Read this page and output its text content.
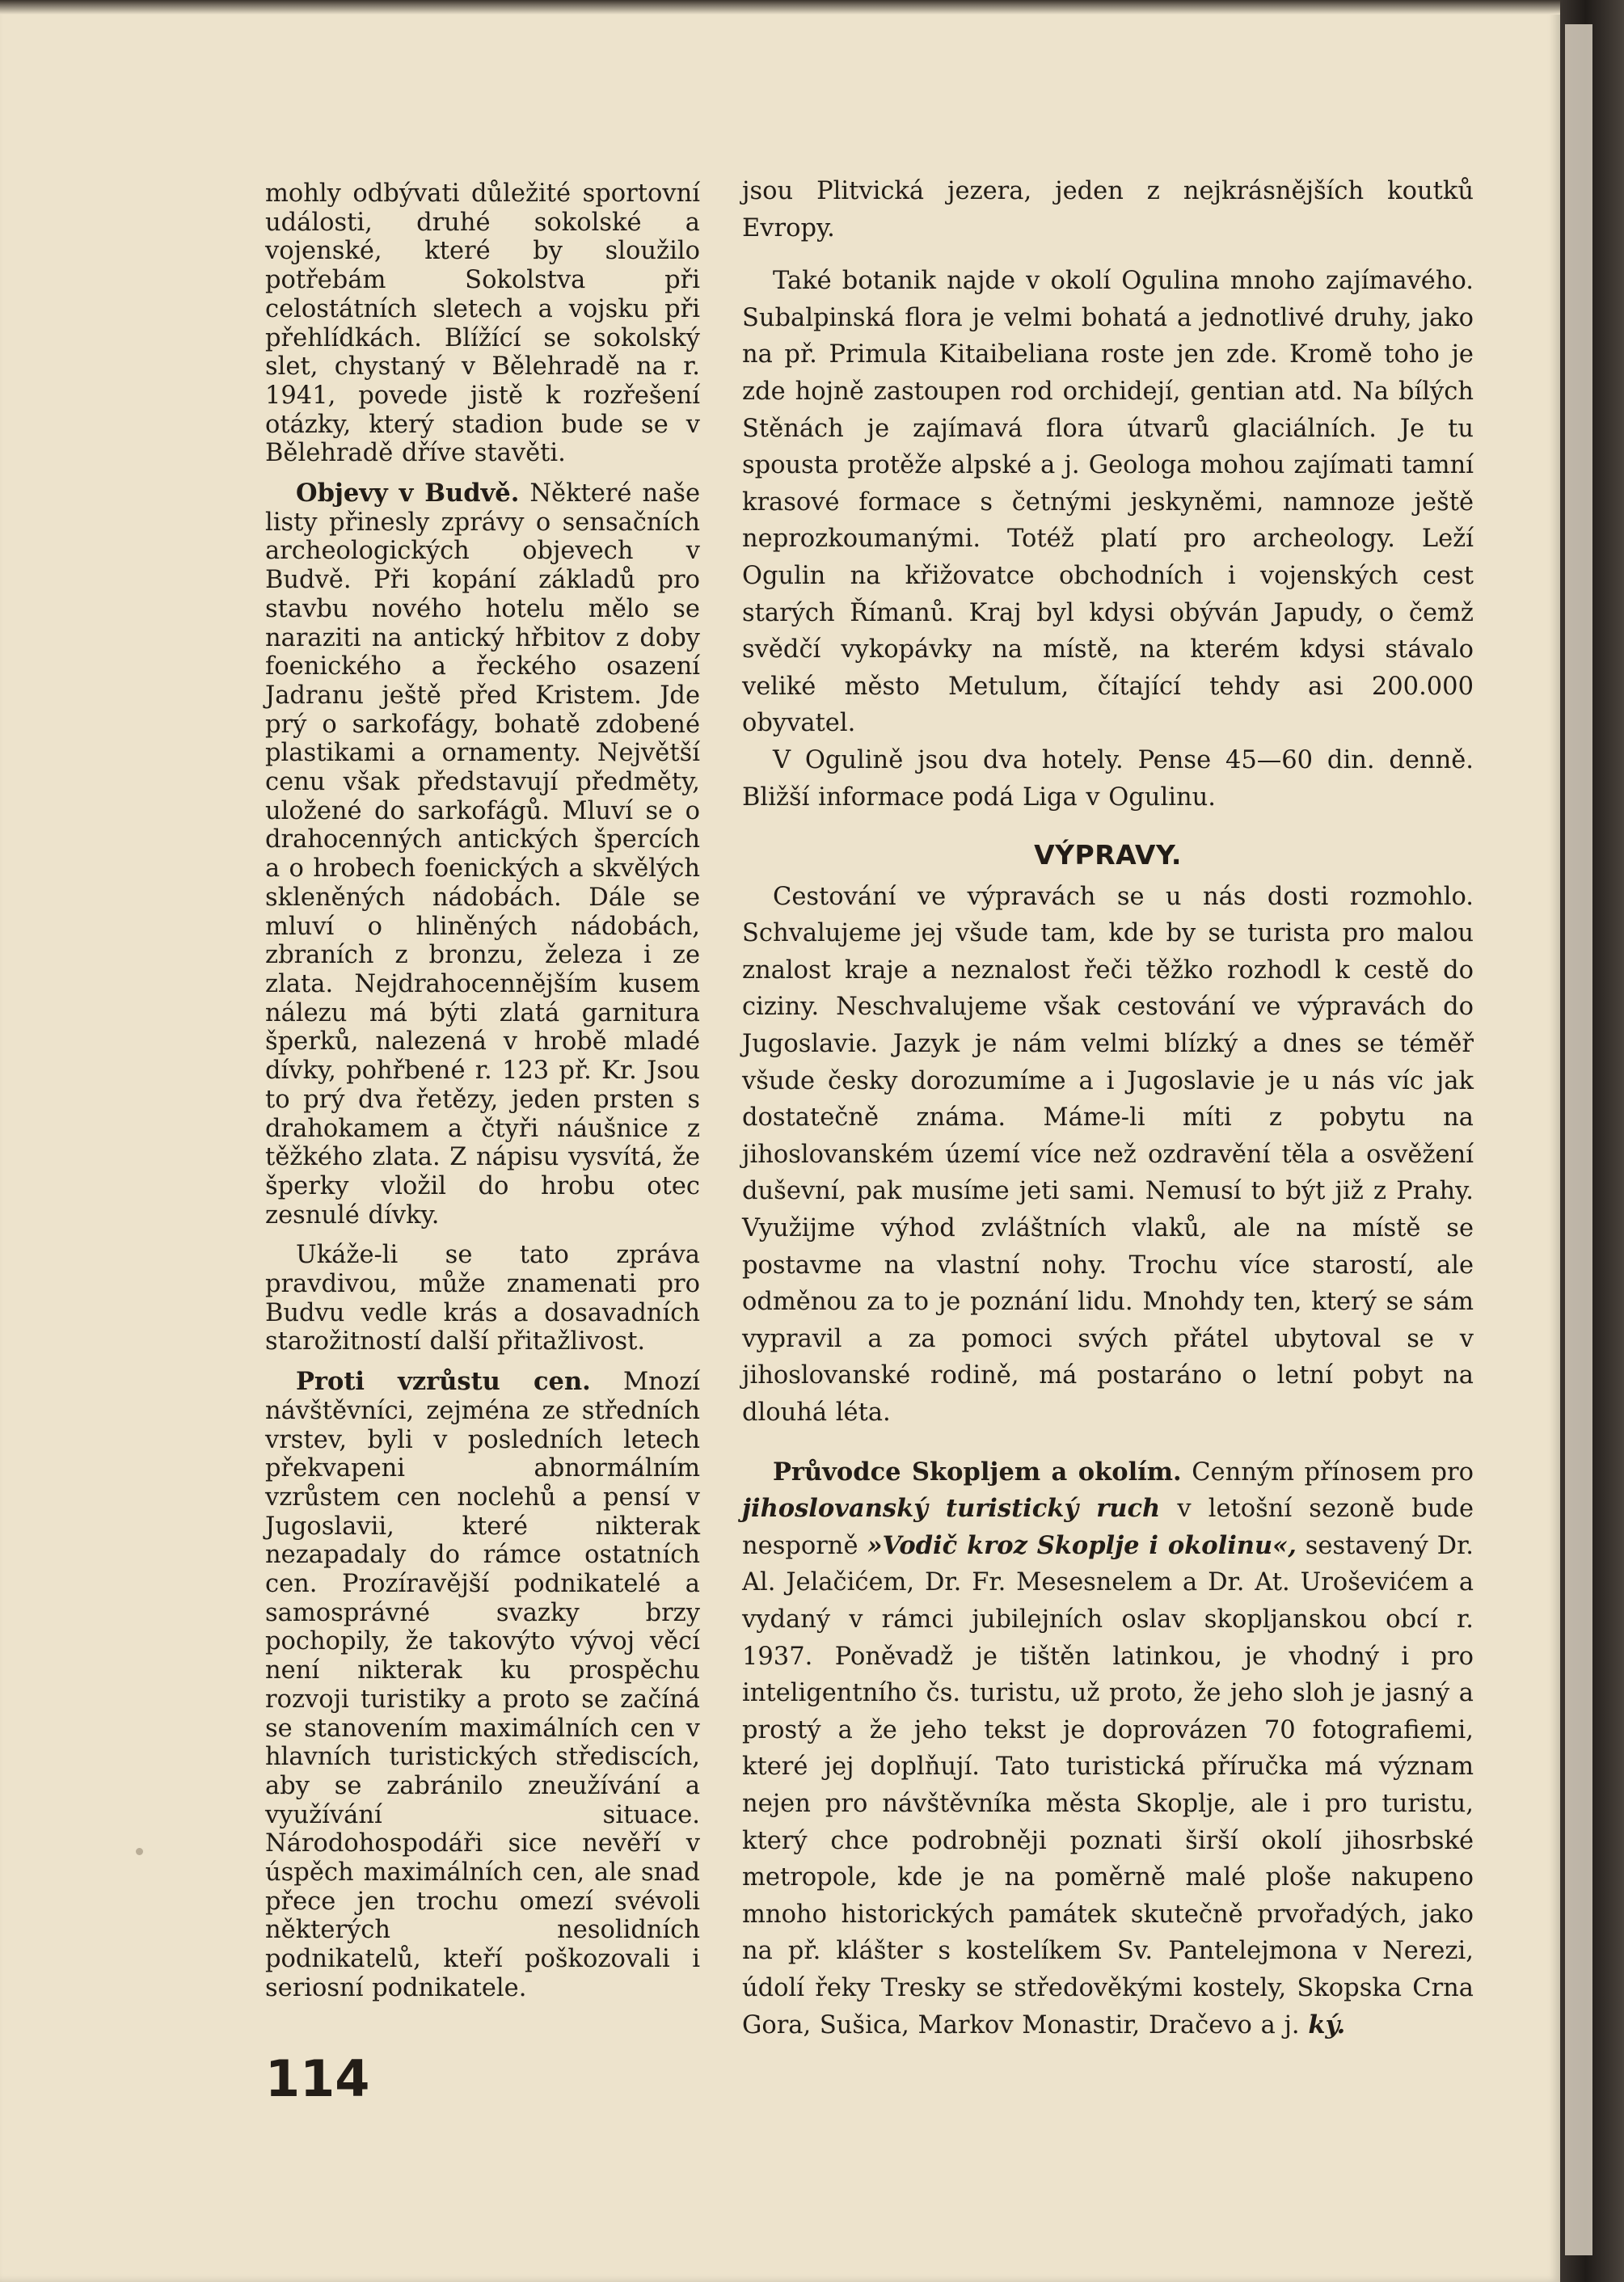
mohly odbývati důležité sportovní události, druhé sokolské a vojenské, které by sloužilo potřebám Sokolstva při celostátních sletech a vojsku při přehlídkách. Blížící se sokolský slet, chystaný v Bělehradě na r. 1941, povede jistě k rozřešení otázky, který stadion bude se v Bělehradě dříve stavěti.

Objevy v Budvě. Některé naše listy přinesly zprávy o sensačních archeologických objevech v Budvě. Při kopání základů pro stavbu nového hotelu mělo se naraziti na antický hřbitov z doby foenického a řeckého osazení Jadranu ještě před Kristem. Jde prý o sarkofágy, bohatě zdobené plastikami a ornamenty. Největší cenu však představují předměty, uložené do sarkofágů. Mluví se o drahocenných antických špercích a o hrobech foenických a skvělých skleněných nádobách. Dále se mluví o hliněných nádobách, zbraních z bronzu, železa i ze zlata. Nejdrahocennějším kusem nálezu má býti zlatá garnitura šperků, nalezená v hrobě mladé dívky, pohřbené r. 123 př. Kr. Jsou to prý dva řetězy, jeden prsten s drahokamem a čtyři náušnice z těžkého zlata. Z nápisu vysvítá, že šperky vložil do hrobu otec zesnulé dívky.

Ukáže-li se tato zpráva pravdivou, může znamenati pro Budvu vedle krás a dosavadních starožitností další přitažlivost.

Proti vzrůstu cen. Mnozí návštěvníci, zejména ze středních vrstev, byli v posledních letech překvapeni abnormálním vzrůstem cen noclehů a pensí v Jugoslavii, které nikterak nezapadaly do rámce ostatních cen. Prozíravější podnikatelé a samosprávné svazky brzy pochopily, že takovýto vývoj věcí není nikterak ku prospěchu rozvoji turistiky a proto se začíná se stanovením maximálních cen v hlavních turistických střediscích, aby se zabránilo zneužívání a využívání situace. Národohospodáři sice nevěří v úspěch maximálních cen, ale snad přece jen trochu omezí svévoli některých nesolidních podnikatelů, kteří poškozovali i seriosní podnikatele.

jsou Plitvická jezera, jeden z nejkrásnějších koutků Evropy.

Také botanik najde v okolí Ogulina mnoho zajímavého. Subalpinská flora je velmi bohatá a jednotlivé druhy, jako na př. Primula Kitaibeliana roste jen zde. Kromě toho je zde hojně zastoupen rod orchidejí, gentian atd. Na bílých Stěnách je zajímavá flora útvarů glaciálních. Je tu spousta protěže alpské a j. Geologa mohou zajímati tamní krasové formace s četnými jeskyněmi, namnoze ještě neprozkoumanými. Totéž platí pro archeology. Leží Ogulin na křižovatce obchodních i vojenských cest starých Římanů. Kraj byl kdysi obýván Japudy, o čemž svědčí vykopávky na místě, na kterém kdysi stávalo veliké město Metulum, čítající tehdy asi 200.000 obyvatel.

V Ogulině jsou dva hotely. Pense 45—60 din. denně. Bližší informace podá Liga v Ogulinu.

VÝPRAVY.

Cestování ve výpravách se u nás dosti rozmohlo. Schvalujeme jej všude tam, kde by se turista pro malou znalost kraje a neznalost řeči těžko rozhodl k cestě do ciziny. Neschvalujeme však cestování ve výpravách do Jugoslavie. Jazyk je nám velmi blízký a dnes se téměř všude česky dorozumíme a i Jugoslavie je u nás víc jak dostatečně známa. Máme-li míti z pobytu na jihoslovanském území více než ozdravění těla a osvěžení duševní, pak musíme jeti sami. Nemusí to být již z Prahy. Využijme výhod zvláštních vlaků, ale na místě se postavme na vlastní nohy. Trochu více starostí, ale odměnou za to je poznání lidu. Mnohdy ten, který se sám vypravil a za pomoci svých přátel ubytoval se v jihoslovanské rodině, má postaráno o letní pobyt na dlouhá léta.

Průvodce Skopljem a okolím. Cenným přínosem pro jihoslovanský turistický ruch v letošní sezoně bude nesporně »Vodič kroz Skoplje i okolinu«, sestavený Dr. Al. Jelačićem, Dr. Fr. Mesesnelem a Dr. At. Uroševićem a vydaný v rámci jubilejních oslav skopljanskou obcí r. 1937. Poněvadž je tištěn latinkou, je vhodný i pro inteligentního čs. turistu, už proto, že jeho sloh je jasný a prostý a že jeho tekst je doprovázen 70 fotografiemi, které jej doplňují. Tato turistická příručka má význam nejen pro návštěvníka města Skoplje, ale i pro turistu, který chce podrobněji poznati širší okolí jihosrbské metropole, kde je na poměrně malé ploše nakupeno mnoho historických památek skutečně prvořadých, jako na př. klášter s kostelíkem Sv. Pantelejmona v Nerezi, údolí řeky Tresky se středověkými kostely, Skopska Crna Gora, Sušica, Markov Monastir, Dračevo a j. ký.

114
